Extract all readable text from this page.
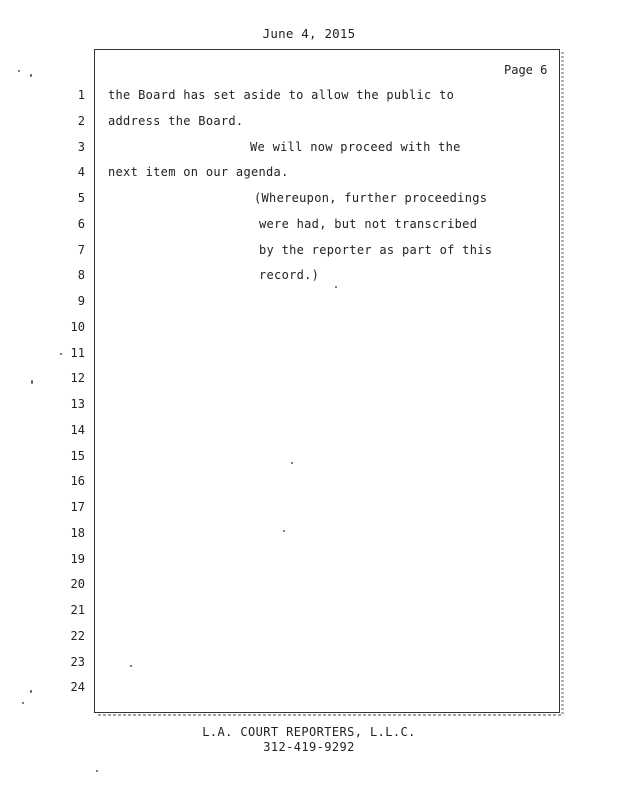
June 4, 2015
Page 6
1 the Board has set aside to allow the public to
2 address the Board.
3	We will now proceed with the
4 next item on our agenda.
5	(Whereupon, further proceedings
6	were had, but not transcribed
7	by the reporter as part of this
8	record.)
9
10
11
12
13
14
15
16
17
18
19
20
21
22
23
24
L.A. COURT REPORTERS, L.L.C.
312-419-9292
